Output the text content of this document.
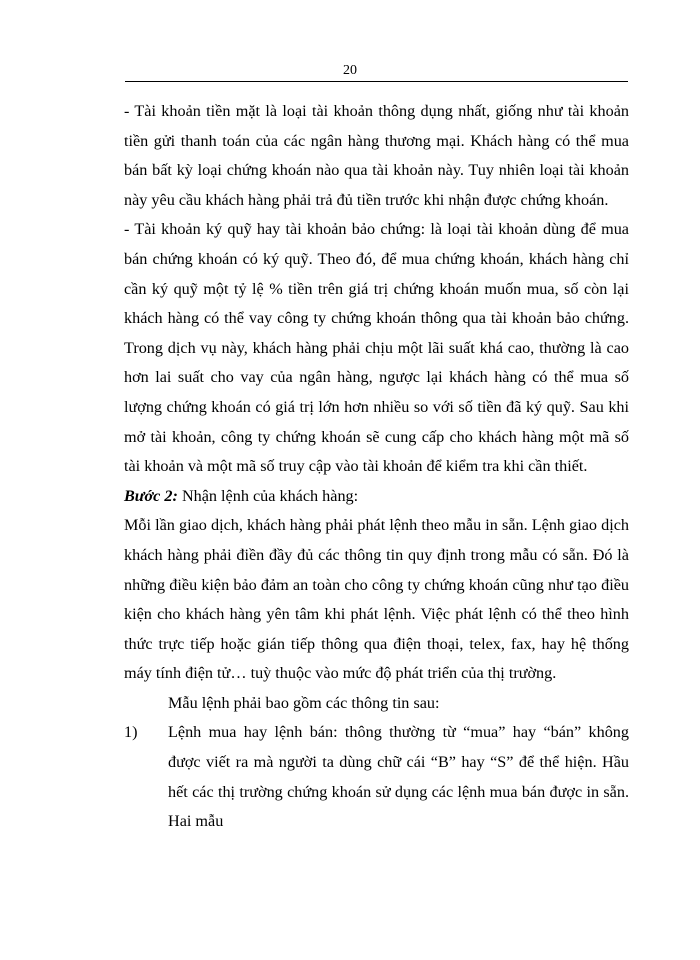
20

- Tài khoản tiền mặt là loại tài khoản thông dụng nhất, giống như tài khoản tiền gửi thanh toán của các ngân hàng thương mại. Khách hàng có thể mua bán bất kỳ loại chứng khoán nào qua tài khoản này. Tuy nhiên loại tài khoản này yêu cầu khách hàng phải trả đủ tiền trước khi nhận được chứng khoán.

- Tài khoản ký quỹ hay tài khoản bảo chứng: là loại tài khoản dùng để mua bán chứng khoán có ký quỹ. Theo đó, để mua chứng khoán, khách hàng chỉ cần ký quỹ một tỷ lệ % tiền trên giá trị chứng khoán muốn mua, số còn lại khách hàng có thể vay công ty chứng khoán thông qua tài khoản bảo chứng. Trong dịch vụ này, khách hàng phải chịu một lãi suất khá cao, thường là cao hơn lai suất cho vay của ngân hàng, ngược lại khách hàng có thể mua số lượng chứng khoán có giá trị lớn hơn nhiều so với số tiền đã ký quỹ. Sau khi mở tài khoản, công ty chứng khoán sẽ cung cấp cho khách hàng một mã số tài khoản và một mã số truy cập vào tài khoản để kiểm tra khi cần thiết.

Bước 2: Nhận lệnh của khách hàng:

Mỗi lần giao dịch, khách hàng phải phát lệnh theo mẫu in sẵn. Lệnh giao dịch khách hàng phải điền đầy đủ các thông tin quy định trong mẫu có sẵn. Đó là những điều kiện bảo đảm an toàn cho công ty chứng khoán cũng như tạo điều kiện cho khách hàng yên tâm khi phát lệnh. Việc phát lệnh có thể theo hình thức trực tiếp hoặc gián tiếp thông qua điện thoại, telex, fax, hay hệ thống máy tính điện tử… tuỳ thuộc vào mức độ phát triển của thị trường.

Mẫu lệnh phải bao gồm các thông tin sau:

1)	Lệnh mua hay lệnh bán: thông thường từ “mua” hay “bán” không được viết ra mà người ta dùng chữ cái “B” hay “S” để thể hiện. Hầu hết các thị trường chứng khoán sử dụng các lệnh mua bán được in sẵn. Hai mẫu
